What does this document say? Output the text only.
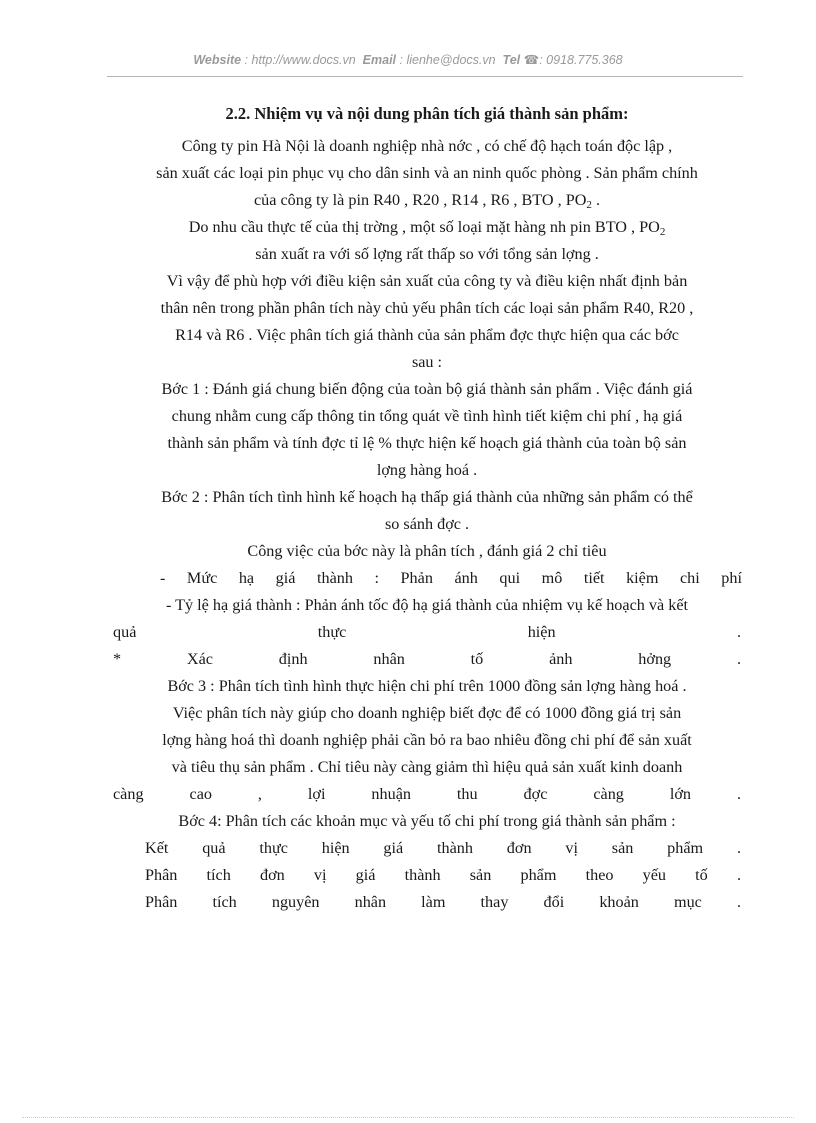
Website : http://www.docs.vn Email : lienhe@docs.vn Tel ☎: 0918.775.368
2.2. Nhiệm vụ và nội dung phân tích giá thành sản phẩm:
Công ty pin Hà Nội là doanh nghiệp nhà nớc , có chế độ hạch toán độc lập ,
sản xuất các loại pin phục vụ cho dân sinh và an ninh quốc phòng . Sản phẩm chính
của công ty là pin R40 , R20 , R14 , R6 , BTO , $PO_2$ .
Do nhu cầu thực tế của thị trờng , một số loại mặt hàng nh pin BTO , $PO_2$
sản xuất ra với số lợng rất thấp so với tổng sản lợng .
Vì vậy để phù hợp với điều kiện sản xuất của công ty và điều kiện nhất định bản
thân nên trong phần phân tích này chủ yếu phân tích các loại sản phẩm R40, R20 ,
R14 và R6 . Việc phân tích giá thành của sản phẩm đợc thực hiện qua các bớc
sau :
Bớc 1 : Đánh giá chung biến động của toàn bộ giá thành sản phẩm . Việc đánh giá
chung nhằm cung cấp thông tin tổng quát về tình hình tiết kiệm chi phí , hạ giá
thành sản phẩm và tính đợc tỉ lệ % thực hiện kế hoạch giá thành của toàn bộ sản
lợng hàng hoá .
Bớc 2 : Phân tích tình hình kế hoạch hạ thấp giá thành của những sản phẩm có thể
so sánh đợc .
Công việc của bớc này là phân tích , đánh giá 2 chỉ tiêu
- Mức hạ giá thành : Phản ánh qui mô tiết kiệm chi phí
- Tỷ lệ hạ giá thành : Phản ánh tốc độ hạ giá thành của nhiệm vụ kế hoạch và kết
quả thực hiện .
* Xác định nhân tố ảnh hởng .
Bớc 3 : Phân tích tình hình thực hiện chi phí trên 1000 đồng sản lợng hàng hoá .
Việc phân tích này giúp cho doanh nghiệp biết đợc để có 1000 đồng giá trị sản
lợng hàng hoá thì doanh nghiệp phải cần bỏ ra bao nhiêu đồng chi phí để sản xuất
và tiêu thụ sản phẩm . Chỉ tiêu này càng giảm thì hiệu quả sản xuất kinh doanh
càng cao , lợi nhuận thu đợc càng lớn .
Bớc 4: Phân tích các khoản mục và yếu tố chi phí trong giá thành sản phẩm :
Kết quả thực hiện giá thành đơn vị sản phẩm .
Phân tích đơn vị giá thành sản phẩm theo yếu tố .
Phân tích nguyên nhân làm thay đổi khoản mục .
